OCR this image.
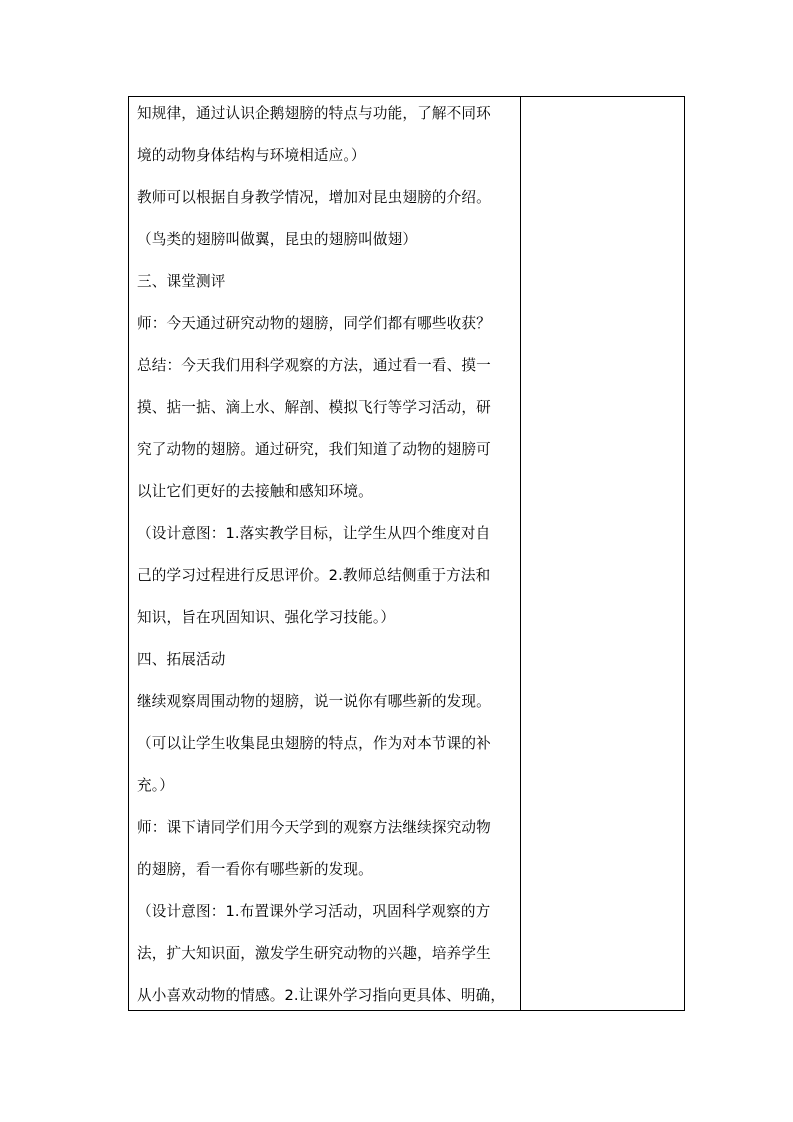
知规律，通过认识企鹅翅膀的特点与功能，了解不同环
境的动物身体结构与环境相适应。）
教师可以根据自身教学情况，增加对昆虫翅膀的介绍。
（鸟类的翅膀叫做翼，昆虫的翅膀叫做翅）
三、课堂测评
师：今天通过研究动物的翅膀，同学们都有哪些收获？
总结：今天我们用科学观察的方法，通过看一看、摸一
摸、掂一掂、滴上水、解剖、模拟飞行等学习活动，研
究了动物的翅膀。通过研究，我们知道了动物的翅膀可
以让它们更好的去接触和感知环境。
（设计意图：1.落实教学目标，让学生从四个维度对自
己的学习过程进行反思评价。2.教师总结侧重于方法和
知识，旨在巩固知识、强化学习技能。）
四、拓展活动
继续观察周围动物的翅膀，说一说你有哪些新的发现。
（可以让学生收集昆虫翅膀的特点，作为对本节课的补
充。）
师：课下请同学们用今天学到的观察方法继续探究动物
的翅膀，看一看你有哪些新的发现。
（设计意图：1.布置课外学习活动，巩固科学观察的方
法，扩大知识面，激发学生研究动物的兴趣，培养学生
从小喜欢动物的情感。2.让课外学习指向更具体、明确，
